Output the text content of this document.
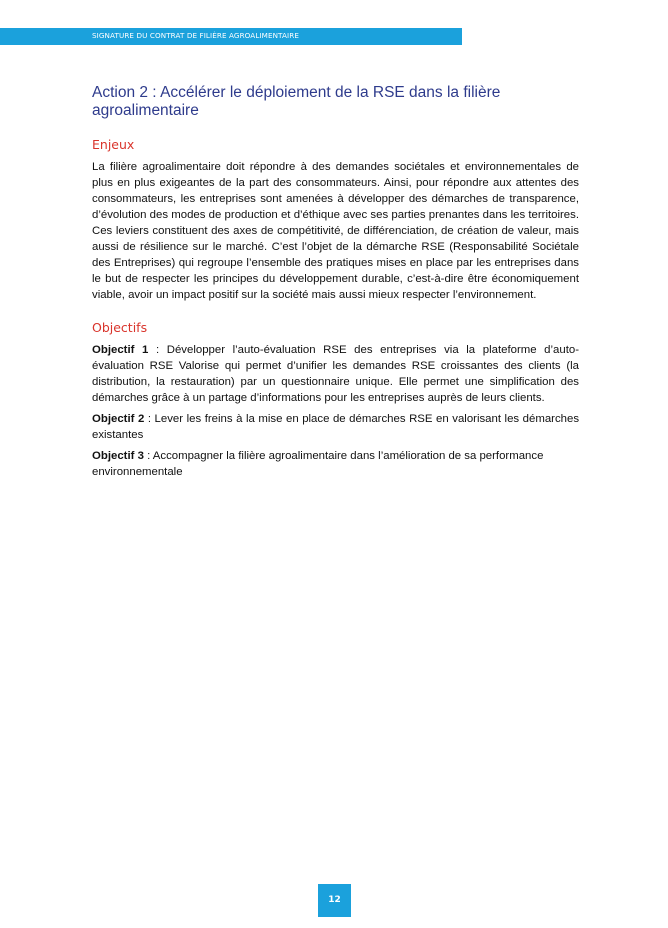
SIGNATURE DU CONTRAT DE FILIÈRE AGROALIMENTAIRE
Action 2 : Accélérer le déploiement de la RSE dans la filière agroalimentaire
Enjeux

La filière agroalimentaire doit répondre à des demandes sociétales et environnementales de plus en plus exigeantes de la part des consommateurs. Ainsi, pour répondre aux attentes des consommateurs, les entreprises sont amenées à développer des démarches de transparence, d’évolution des modes de production et d’éthique avec ses parties prenantes dans les territoires. Ces leviers constituent des axes de compétitivité, de différenciation, de création de valeur, mais aussi de résilience sur le marché. C’est l’objet de la démarche RSE (Responsabilité Sociétale des Entreprises) qui regroupe l’ensemble des pratiques mises en place par les entreprises dans le but de respecter les principes du développement durable, c’est-à-dire être économiquement viable, avoir un impact positif sur la société mais aussi mieux respecter l’environnement.

Objectifs

Objectif 1 : Développer l’auto-évaluation RSE des entreprises via la plateforme d’auto-évaluation RSE Valorise qui permet d’unifier les demandes RSE croissantes des clients (la distribution, la restauration) par un questionnaire unique. Elle permet une simplification des démarches grâce à un partage d’informations pour les entreprises auprès de leurs clients.

Objectif 2 : Lever les freins à la mise en place de démarches RSE en valorisant les démarches existantes

Objectif 3 : Accompagner la filière agroalimentaire dans l’amélioration de sa performance environnementale

12
